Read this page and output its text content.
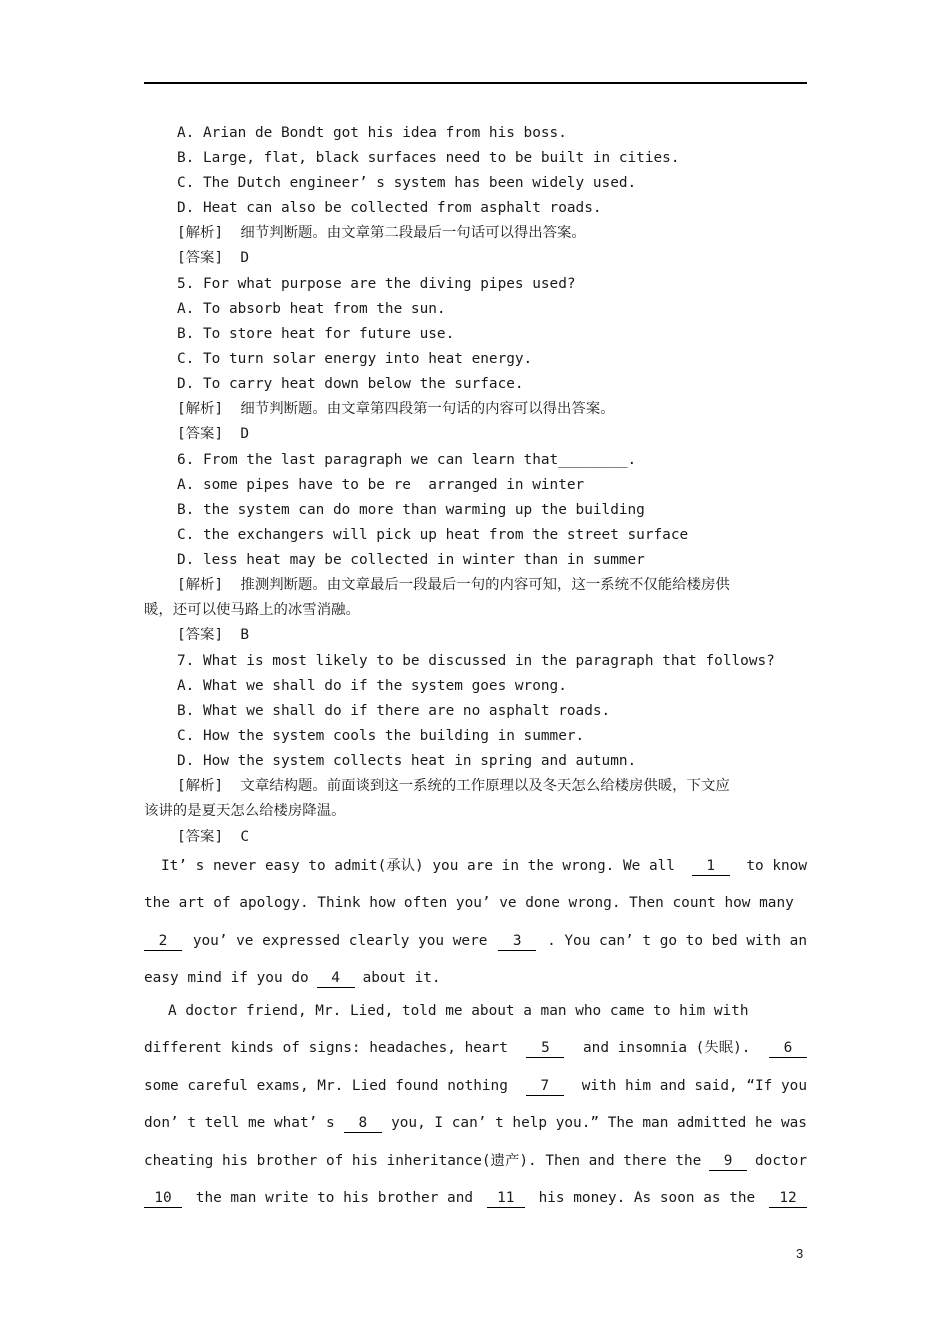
A. Arian de Bondt got his idea from his boss.
B. Large, flat, black surfaces need to be built in cities.
C. The Dutch engineer’ s system has been widely used.
D. Heat can also be collected from asphalt roads.
[解析]  细节判断题。由文章第二段最后一句话可以得出答案。
[答案]  D
5. For what purpose are the diving pipes used?
A. To absorb heat from the sun.
B. To store heat for future use.
C. To turn solar energy into heat energy.
D. To carry heat down below the surface.
[解析]  细节判断题。由文章第四段第一句话的内容可以得出答案。
[答案]  D
6. From the last paragraph we can learn that________.
A. some pipes have to be re  arranged in winter
B. the system can do more than warming up the building
C. the exchangers will pick up heat from the street surface
D. less heat may be collected in winter than in summer
[解析]  推测判断题。由文章最后一段最后一句的内容可知，这一系统不仅能给楼房供
暖，还可以使马路上的冰雪消融。
[答案]  B
7. What is most likely to be discussed in the paragraph that follows?
A. What we shall do if the system goes wrong.
B. What we shall do if there are no asphalt roads.
C. How the system cools the building in summer.
D. How the system collects heat in spring and autumn.
[解析]  文章结构题。前面谈到这一系统的工作原理以及冬天怎么给楼房供暖，下文应
该讲的是夏天怎么给楼房降温。
[答案]  C
It’ s never easy to admit(承认) you are in the wrong. We all	1	to know
the art of apology. Think how often you’ ve done wrong. Then count how many
2	you’ ve expressed clearly you were	3	. You can’ t go to bed with an
easy mind if you do	4	about it.
A doctor friend, Mr. Lied, told me about a man who came to him with
different kinds of signs: headaches, heart	5	and insomnia (失眠).	6
some careful exams, Mr. Lied found nothing	7	with him and said, “If you
don’ t tell me what’ s	8	you, I can’ t help you.” The man admitted he was
cheating his brother of his inheritance(遗产). Then and there the	9	doctor
10	the man write to his brother and	11	his money. As soon as the	12
3
